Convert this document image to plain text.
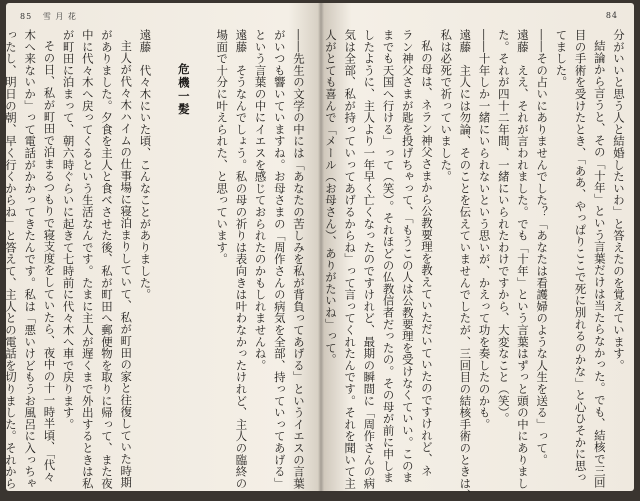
85 雪 月 花
――先生の文学の中には「あなたの苦しみを私が背負ってあげる」というイエスの言葉
がいつも響いていますね。お母さまの「周作さんの病気を全部、持っていってあげる」
という言葉の中にイエスを感じておられたのかもしれませんね。
遠藤　そうなんでしょう。私の母の祈りは表向きは叶わなかったけれど、主人の臨終の
場面で十分に叶えられた、と思っています。
危機一髪
遠藤　代々木にいた頃、こんなことがありました。
主人が代々木ハイムの仕事場に寝泊まりしていて、私が町田の家と往復していた時期
がありました。夕食を主人と食べさせた後、私が町田へ郵便物を取りに帰って、また夜
中に代々木へ戻ってくるという生活なんです。たまに主人が遅くまで外出するときは私
が町田に泊まって、朝六時ぐらいに起きて七時前に代々木へ車で戻ります。
その日、私が町田で泊まるつもりで寝支度をしていたら、夜中の十一時半頃、「代々
木へ来ないか」って電話がかかってきたんです。私は「悪いけどもうお風呂に入っちゃ
ったし、明日の朝、早く行くからね」と答えて、主人との電話を切りました。それから
84
分がいいと思う人と結婚したいわ」と答えたのを覚えています。
結論から言うと、その「十年」という言葉だけは当たらなかった。でも、結核で三回
目の手術を受けたとき、「ああ、やっぱりここで死に別れるのかな」と心ひそかに思っ
てました。
――その占いにありませんでした？「あなたは看護婦のような人生を送る」って。
遠藤　ええ、それが言われました。でも「十年」という言葉はずっと頭の中にありまし
た。それが四十二年間、一緒にいられたわけですから、大変なこと（笑）。
――十年しか一緒にいられないという思いが、かえって功を奏したのかも。
遠藤　主人には勿論、そのことを伝えていませんでしたが、三回目の結核手術のときは、
私は必死で祈っていました。
私の母は、ネラン神父さまから公教要理を教えていただいていたのですけれど、ネ
ラン神父さまが匙を投げちゃって、「もうこの人は公教要理を受けなくていい。このま
までも天国へ行ける」って（笑）。それほどの仏教信者だったの。その母が前に申しま
したように、主人より一年早く亡くなったのですけれど、最期の瞬間に「周作さんの病
気は全部、私が持っていってあげるからね」って言ってくれたんです。それを聞いて主
人がとても喜んで「メール（お母さん）、ありがたいね」って。
